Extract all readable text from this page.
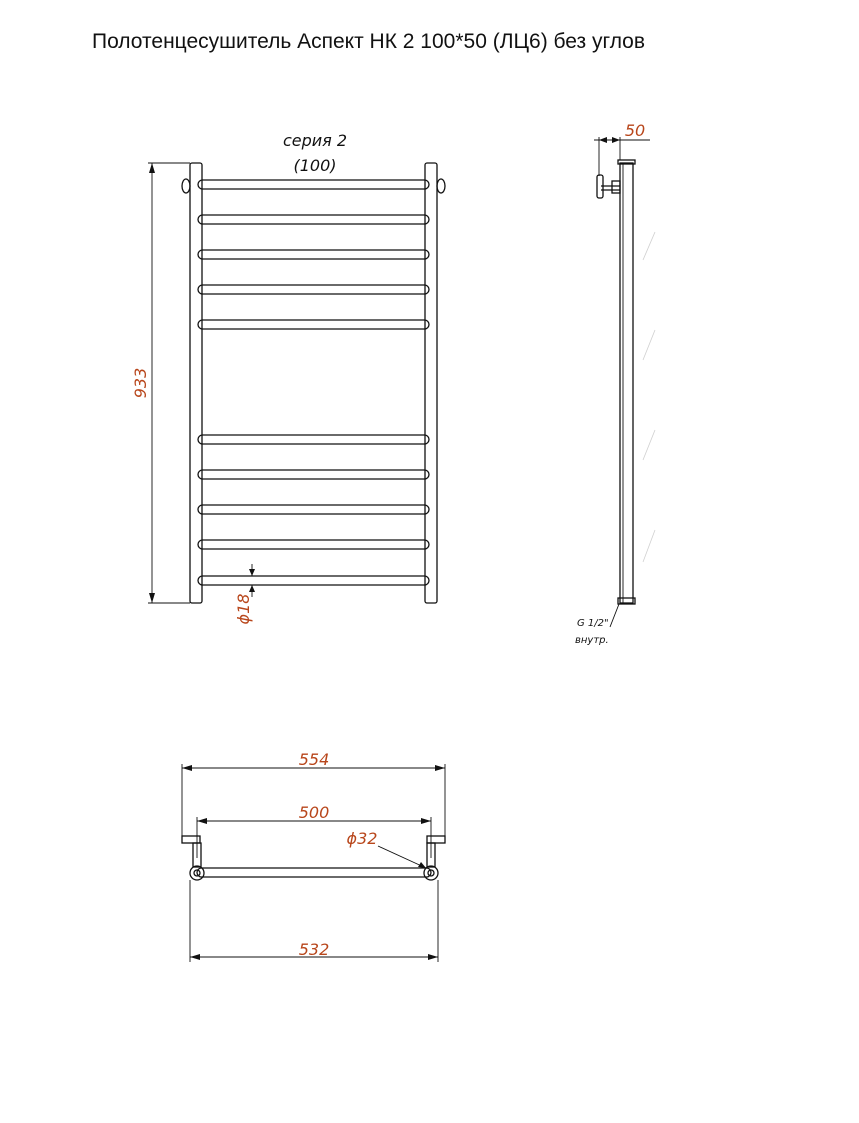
Полотенцесушитель Аспект НК 2 100*50 (ЛЦ6) без углов
серия 2
(100)
933
ϕ18
50
G 1/2"
внутр.
554
500
ϕ32
532
